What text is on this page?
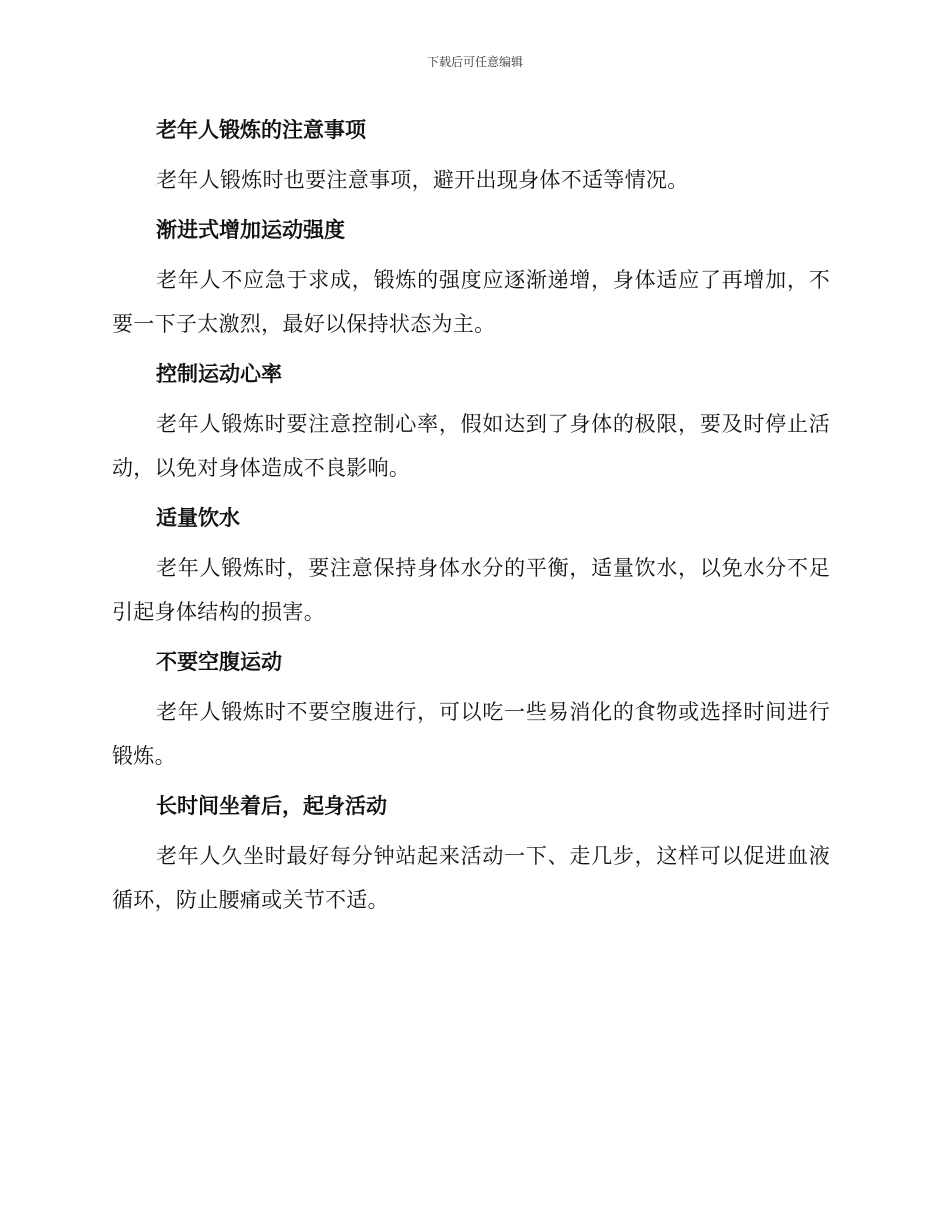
下载后可任意编辑
老年人锻炼的注意事项

老年人锻炼时也要注意事项，避开出现身体不适等情况。

渐进式增加运动强度

老年人不应急于求成，锻炼的强度应逐渐递增，身体适应了再增加，不要一下子太激烈，最好以保持状态为主。

控制运动心率

老年人锻炼时要注意控制心率，假如达到了身体的极限，要及时停止活动，以免对身体造成不良影响。

适量饮水

老年人锻炼时，要注意保持身体水分的平衡，适量饮水，以免水分不足引起身体结构的损害。

不要空腹运动

老年人锻炼时不要空腹进行，可以吃一些易消化的食物或选择时间进行锻炼。

长时间坐着后，起身活动

老年人久坐时最好每分钟站起来活动一下、走几步，这样可以促进血液循环，防止腰痛或关节不适。
